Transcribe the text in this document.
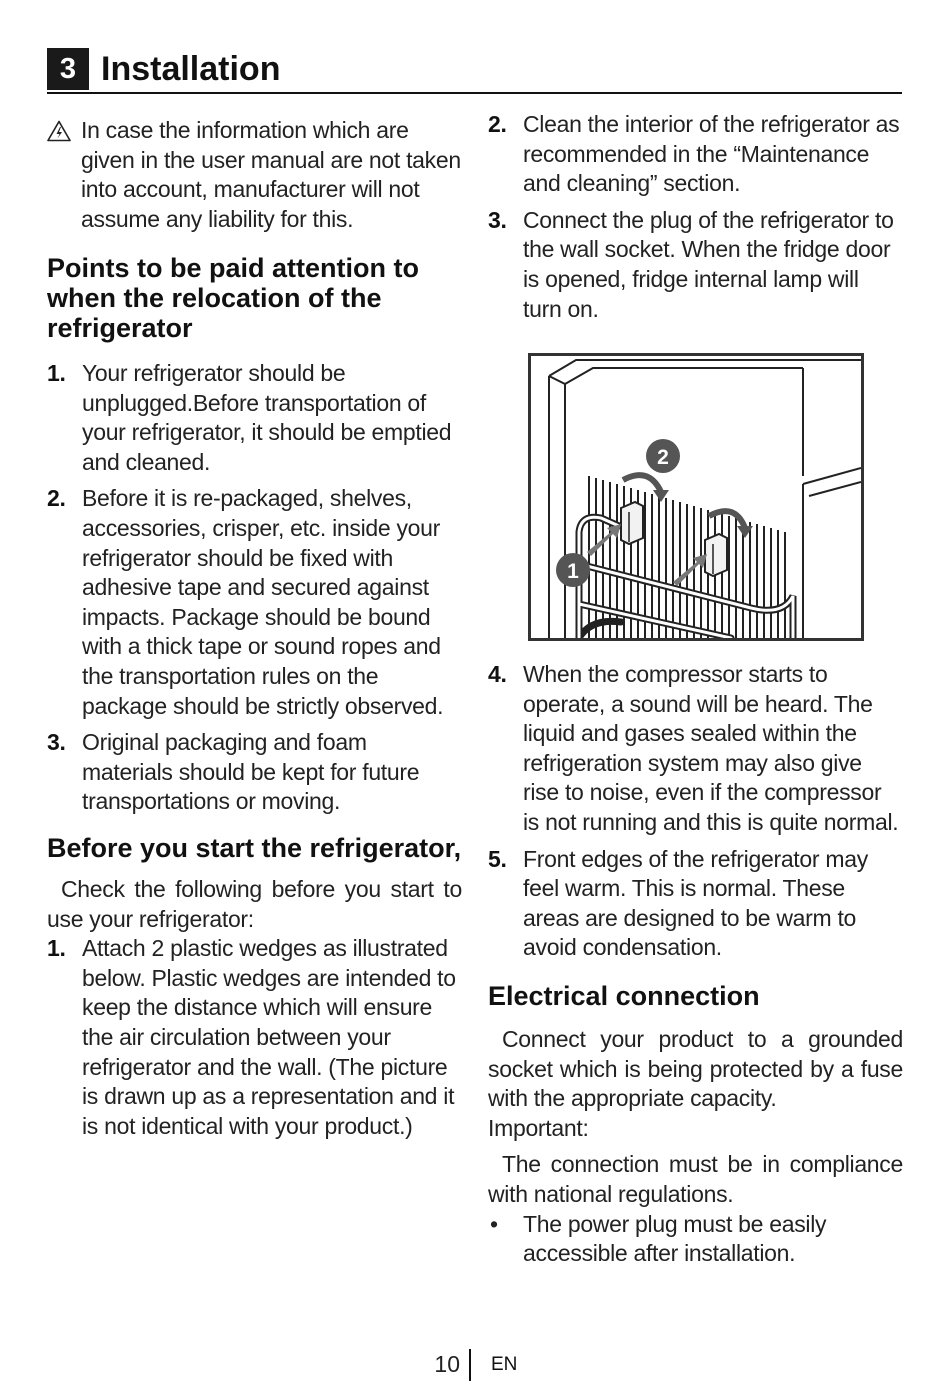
3 Installation

In case the information which are given in the user manual are not taken into account, manufacturer will not assume any liability for this.

Points to be paid attention to when the relocation of the refrigerator
1. Your refrigerator should be unplugged.Before transportation of your refrigerator, it should be emptied and cleaned.
2. Before it is re-packaged, shelves, accessories, crisper, etc. inside your refrigerator should be fixed with adhesive tape and secured against impacts. Package should be bound with a thick tape or sound ropes and the transportation rules on the package should be strictly observed.
3. Original packaging and foam materials should be kept for future transportations or moving.
Before you start the refrigerator,

Check the following before you start to use your refrigerator:

1. Attach 2 plastic wedges as illustrated below. Plastic wedges are intended to keep the distance which will ensure the air circulation between your refrigerator and the wall. (The picture is drawn up as a representation and it is not identical with your product.)
2. Clean the interior of the refrigerator as recommended in the “Maintenance and cleaning” section.
3. Connect the plug of the refrigerator to the wall socket. When the fridge door is opened, fridge internal lamp will turn on.
2
1
4. When the compressor starts to operate, a sound will be heard. The liquid and gases sealed within the refrigeration system may also give rise to noise, even if the compressor is not running and this is quite normal.
5. Front edges of the refrigerator may feel warm. This is normal. These areas are designed to be warm to avoid condensation.
Electrical connection

Connect your product to a grounded socket which is being protected by a fuse with the appropriate capacity.

Important:

The connection must be in compliance with national regulations.

• The power plug must be easily accessible after installation.

10 EN
